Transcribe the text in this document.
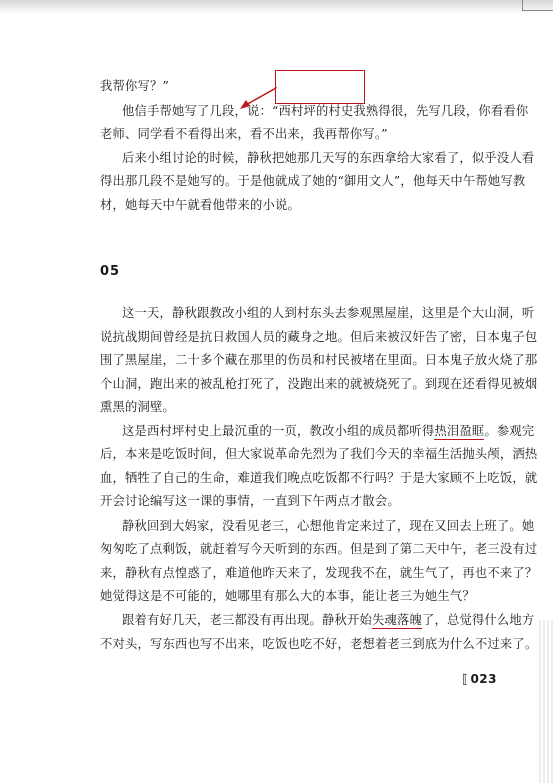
我帮你写？”
他信手帮她写了几段，说：“西村坪的村史我熟得很，先写几段，你看看你
老师、同学看不看得出来，看不出来，我再帮你写。”
后来小组讨论的时候，静秋把她那几天写的东西拿给大家看了，似乎没人看
得出那几段不是她写的。于是他就成了她的“御用文人”，他每天中午帮她写教
材，她每天中午就看他带来的小说。
这一天，静秋跟教改小组的人到村东头去参观黑屋崖，这里是个大山洞，听
说抗战期间曾经是抗日救国人员的藏身之地。但后来被汉奸告了密，日本鬼子包
围了黑屋崖，二十多个藏在那里的伤员和村民被堵在里面。日本鬼子放火烧了那
个山洞，跑出来的被乱枪打死了，没跑出来的就被烧死了。到现在还看得见被烟
熏黑的洞壁。
这是西村坪村史上最沉重的一页，教改小组的成员都听得热泪盈眶。参观完
后，本来是吃饭时间，但大家说革命先烈为了我们今天的幸福生活抛头颅，洒热
血，牺牲了自己的生命，难道我们晚点吃饭都不行吗？于是大家顾不上吃饭，就
开会讨论编写这一课的事情，一直到下午两点才散会。
静秋回到大妈家，没看见老三，心想他肯定来过了，现在又回去上班了。她
匆匆吃了点剩饭，就赶着写今天听到的东西。但是到了第二天中午，老三没有过
来，静秋有点惶惑了，难道他昨天来了，发现我不在，就生气了，再也不来了？
她觉得这是不可能的，她哪里有那么大的本事，能让老三为她生气？
跟着有好几天，老三都没有再出现。静秋开始失魂落魄了，总觉得什么地方
不对头，写东西也写不出来，吃饭也吃不好，老想着老三到底为什么不过来了。
05
⟦ 023
